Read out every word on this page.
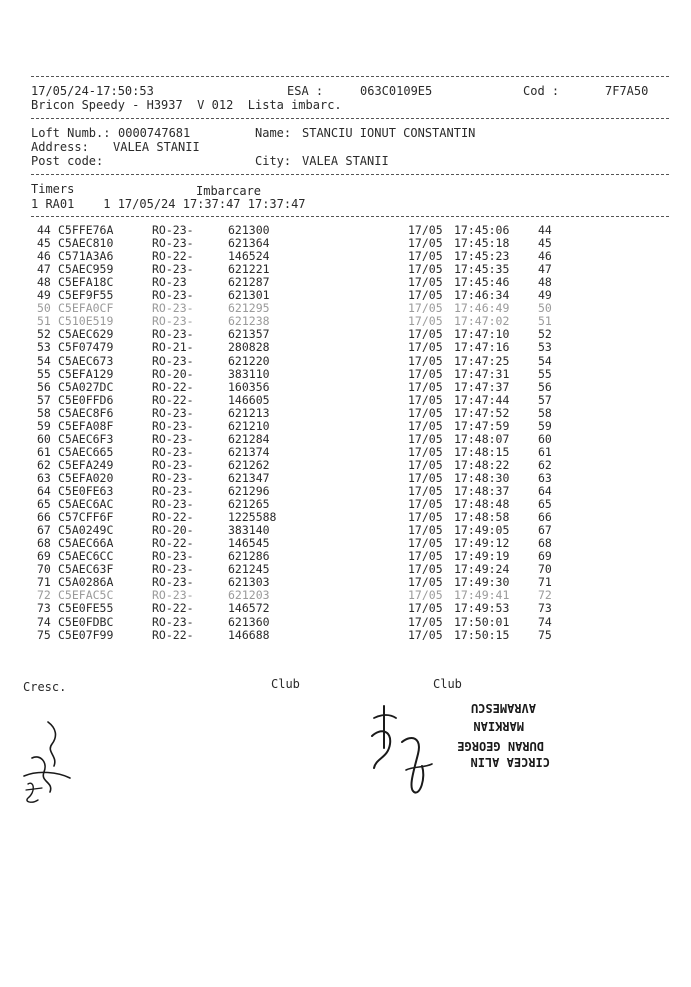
17/05/24-17:50:53	ESA :	063C0109E5	Cod :	7F7A50
Bricon Speedy - H3937  V 012  Lista imbarc.
Loft Numb.: 0000747681	Name: STANCIU IONUT CONSTANTIN
Address: VALEA STANII
Post code:	City: VALEA STANII
Timers	Imbarcare
1 RA01    1 17/05/24 17:37:47 17:37:47
44 C5FFE76A	RO-23-	621300	17/05 17:45:06 44
45 C5AEC810	RO-23-	621364	17/05 17:45:18 45
46 C571A3A6	RO-22-	146524	17/05 17:45:23 46
47 C5AEC959	RO-23-	621221	17/05 17:45:35 47
48 C5EFA18C	RO-23	621287	17/05 17:45:46 48
49 C5EF9F55	RO-23-	621301	17/05 17:46:34 49
50 C5EFA0CF	RO-23-	621295	17/05 17:46:49 50
51 C510E519	RO-23-	621238	17/05 17:47:02 51
52 C5AEC629	RO-23-	621357	17/05 17:47:10 52
53 C5F07479	RO-21-	280828	17/05 17:47:16 53
54 C5AEC673	RO-23-	621220	17/05 17:47:25 54
55 C5EFA129	RO-20-	383110	17/05 17:47:31 55
56 C5A027DC	RO-22-	160356	17/05 17:47:37 56
57 C5E0FFD6	RO-22-	146605	17/05 17:47:44 57
58 C5AEC8F6	RO-23-	621213	17/05 17:47:52 58
59 C5EFA08F	RO-23-	621210	17/05 17:47:59 59
60 C5AEC6F3	RO-23-	621284	17/05 17:48:07 60
61 C5AEC665	RO-23-	621374	17/05 17:48:15 61
62 C5EFA249	RO-23-	621262	17/05 17:48:22 62
63 C5EFA020	RO-23-	621347	17/05 17:48:30 63
64 C5E0FE63	RO-23-	621296	17/05 17:48:37 64
65 C5AEC6AC	RO-23-	621265	17/05 17:48:48 65
66 C57CFF6F	RO-22-	1225588	17/05 17:48:58 66
67 C5A0249C	RO-20-	383140	17/05 17:49:05 67
68 C5AEC66A	RO-22-	146545	17/05 17:49:12 68
69 C5AEC6CC	RO-23-	621286	17/05 17:49:19 69
70 C5AEC63F	RO-23-	621245	17/05 17:49:24 70
71 C5A0286A	RO-23-	621303	17/05 17:49:30 71
72 C5EFAC5C	RO-23-	621203	17/05 17:49:41 72
73 C5E0FE55	RO-22-	146572	17/05 17:49:53 73
74 C5E0FDBC	RO-23-	621360	17/05 17:50:01 74
75 C5E07F99	RO-22-	146688	17/05 17:50:15 75
Cresc.	Club	Club
CIRCEA ALIN
DURAN GEORGE
MARKIAN
AVRAMESCU
